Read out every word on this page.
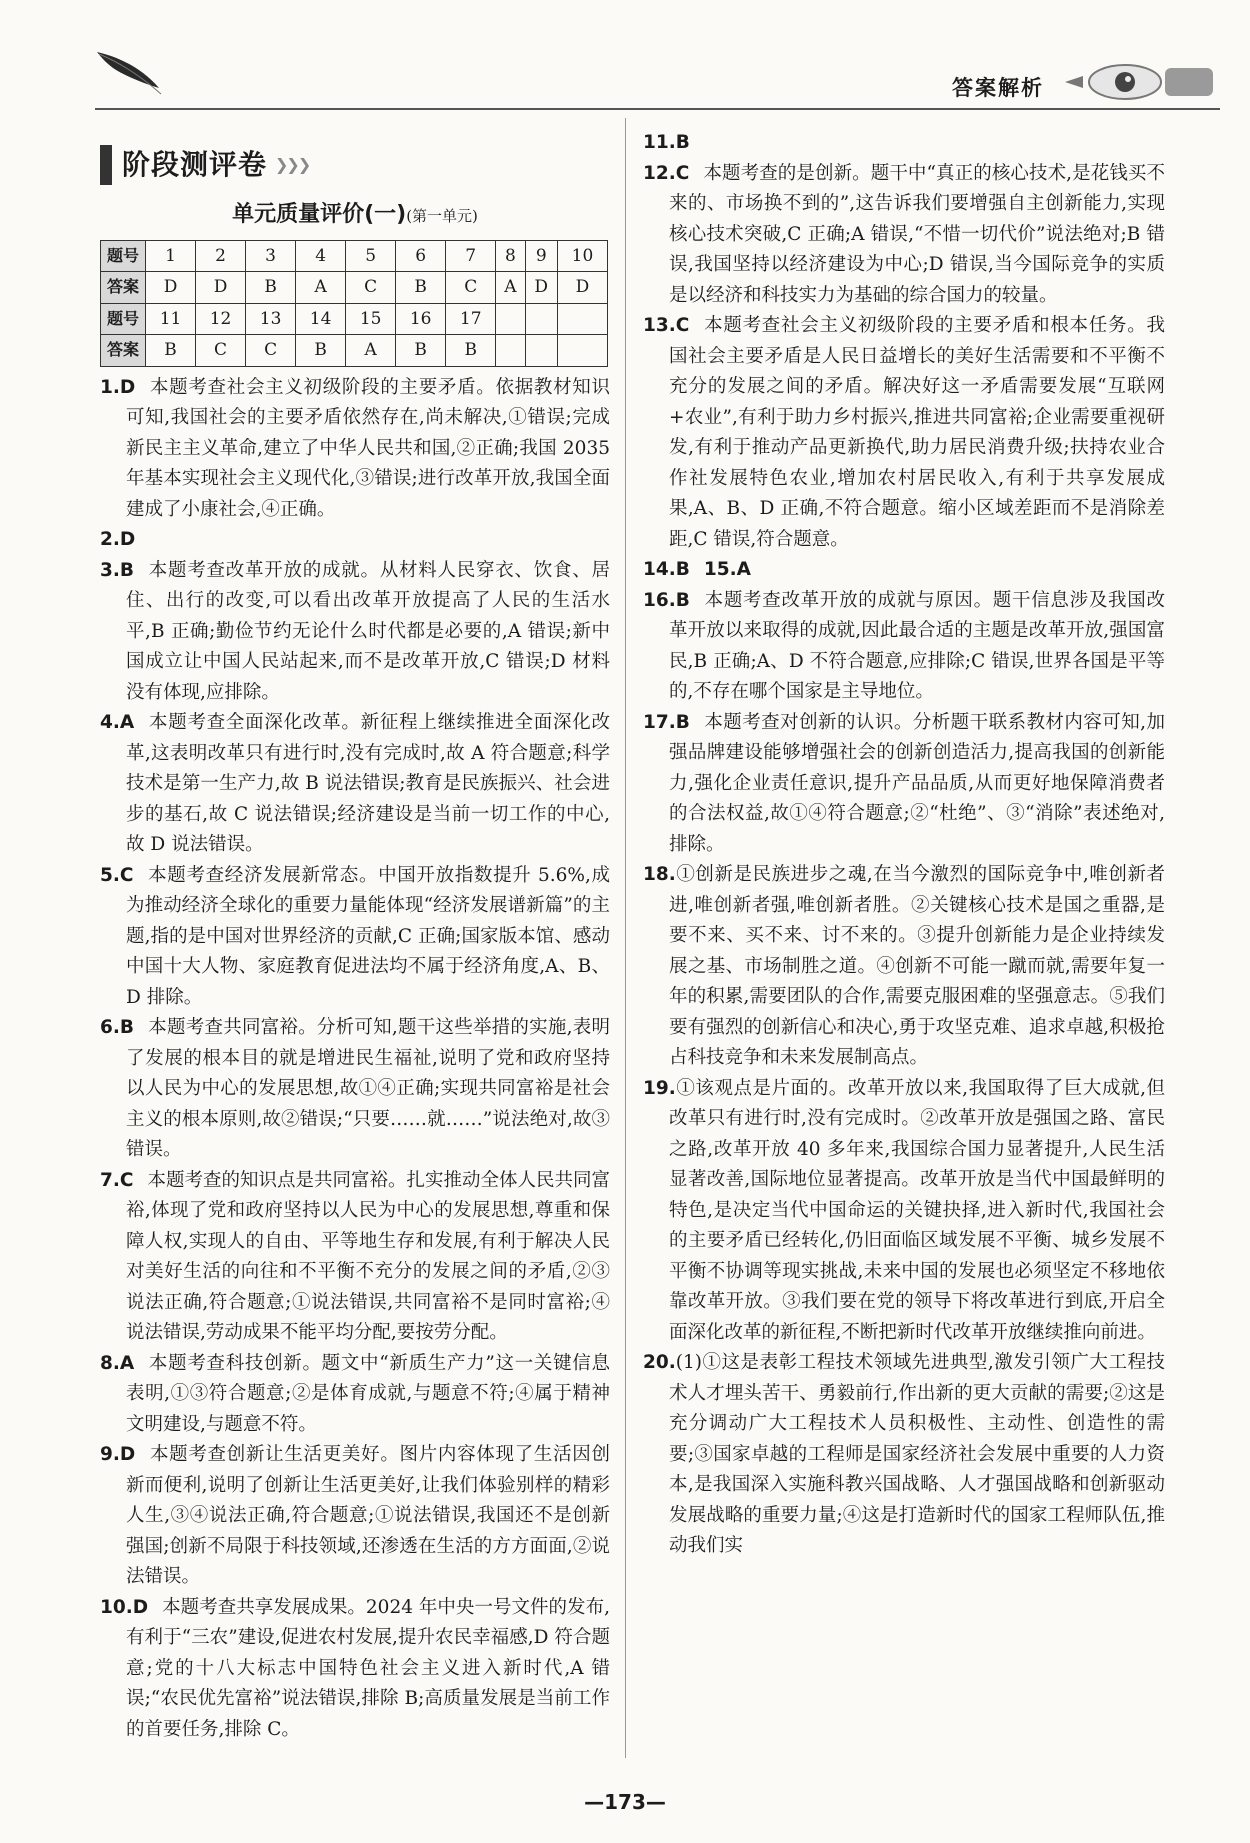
答案解析
阶段测评卷 ❯❯❯
单元质量评价(一)(第一单元)
题号	1	2	3	4	5	6	7	8	9	10
答案	D	D	B	A	C	B	C	A	D	D
题号	11	12	13	14	15	16	17			
答案	B	C	C	B	A	B	B			

1.D 本题考查社会主义初级阶段的主要矛盾。依据教材知识可知,我国社会的主要矛盾依然存在,尚未解决,①错误;完成新民主主义革命,建立了中华人民共和国,②正确;我国 2035 年基本实现社会主义现代化,③错误;进行改革开放,我国全面建成了小康社会,④正确。

2.D

3.B 本题考查改革开放的成就。从材料人民穿衣、饮食、居住、出行的改变,可以看出改革开放提高了人民的生活水平,B 正确;勤俭节约无论什么时代都是必要的,A 错误;新中国成立让中国人民站起来,而不是改革开放,C 错误;D 材料没有体现,应排除。

4.A 本题考查全面深化改革。新征程上继续推进全面深化改革,这表明改革只有进行时,没有完成时,故 A 符合题意;科学技术是第一生产力,故 B 说法错误;教育是民族振兴、社会进步的基石,故 C 说法错误;经济建设是当前一切工作的中心,故 D 说法错误。

5.C 本题考查经济发展新常态。中国开放指数提升 5.6%,成为推动经济全球化的重要力量能体现“经济发展谱新篇”的主题,指的是中国对世界经济的贡献,C 正确;国家版本馆、感动中国十大人物、家庭教育促进法均不属于经济角度,A、B、D 排除。

6.B 本题考查共同富裕。分析可知,题干这些举措的实施,表明了发展的根本目的就是增进民生福祉,说明了党和政府坚持以人民为中心的发展思想,故①④正确;实现共同富裕是社会主义的根本原则,故②错误;“只要……就……”说法绝对,故③错误。

7.C 本题考查的知识点是共同富裕。扎实推动全体人民共同富裕,体现了党和政府坚持以人民为中心的发展思想,尊重和保障人权,实现人的自由、平等地生存和发展,有利于解决人民对美好生活的向往和不平衡不充分的发展之间的矛盾,②③说法正确,符合题意;①说法错误,共同富裕不是同时富裕;④说法错误,劳动成果不能平均分配,要按劳分配。

8.A 本题考查科技创新。题文中“新质生产力”这一关键信息表明,①③符合题意;②是体育成就,与题意不符;④属于精神文明建设,与题意不符。

9.D 本题考查创新让生活更美好。图片内容体现了生活因创新而便利,说明了创新让生活更美好,让我们体验别样的精彩人生,③④说法正确,符合题意;①说法错误,我国还不是创新强国;创新不局限于科技领域,还渗透在生活的方方面面,②说法错误。

10.D 本题考查共享发展成果。2024 年中央一号文件的发布,有利于“三农”建设,促进农村发展,提升农民幸福感,D 符合题意;党的十八大标志中国特色社会主义进入新时代,A 错误;“农民优先富裕”说法错误,排除 B;高质量发展是当前工作的首要任务,排除 C。

11.B

12.C 本题考查的是创新。题干中“真正的核心技术,是花钱买不来的、市场换不到的”,这告诉我们要增强自主创新能力,实现核心技术突破,C 正确;A 错误,“不惜一切代价”说法绝对;B 错误,我国坚持以经济建设为中心;D 错误,当今国际竞争的实质是以经济和科技实力为基础的综合国力的较量。

13.C 本题考查社会主义初级阶段的主要矛盾和根本任务。我国社会主要矛盾是人民日益增长的美好生活需要和不平衡不充分的发展之间的矛盾。解决好这一矛盾需要发展“互联网+农业”,有利于助力乡村振兴,推进共同富裕;企业需要重视研发,有利于推动产品更新换代,助力居民消费升级;扶持农业合作社发展特色农业,增加农村居民收入,有利于共享发展成果,A、B、D 正确,不符合题意。缩小区域差距而不是消除差距,C 错误,符合题意。

14.B 15.A

16.B 本题考查改革开放的成就与原因。题干信息涉及我国改革开放以来取得的成就,因此最合适的主题是改革开放,强国富民,B 正确;A、D 不符合题意,应排除;C 错误,世界各国是平等的,不存在哪个国家是主导地位。

17.B 本题考查对创新的认识。分析题干联系教材内容可知,加强品牌建设能够增强社会的创新创造活力,提高我国的创新能力,强化企业责任意识,提升产品品质,从而更好地保障消费者的合法权益,故①④符合题意;②“杜绝”、③“消除”表述绝对,排除。

18.①创新是民族进步之魂,在当今激烈的国际竞争中,唯创新者进,唯创新者强,唯创新者胜。②关键核心技术是国之重器,是要不来、买不来、讨不来的。③提升创新能力是企业持续发展之基、市场制胜之道。④创新不可能一蹴而就,需要年复一年的积累,需要团队的合作,需要克服困难的坚强意志。⑤我们要有强烈的创新信心和决心,勇于攻坚克难、追求卓越,积极抢占科技竞争和未来发展制高点。

19.①该观点是片面的。改革开放以来,我国取得了巨大成就,但改革只有进行时,没有完成时。②改革开放是强国之路、富民之路,改革开放 40 多年来,我国综合国力显著提升,人民生活显著改善,国际地位显著提高。改革开放是当代中国最鲜明的特色,是决定当代中国命运的关键抉择,进入新时代,我国社会的主要矛盾已经转化,仍旧面临区域发展不平衡、城乡发展不平衡不协调等现实挑战,未来中国的发展也必须坚定不移地依靠改革开放。③我们要在党的领导下将改革进行到底,开启全面深化改革的新征程,不断把新时代改革开放继续推向前进。

20.(1)①这是表彰工程技术领域先进典型,激发引领广大工程技术人才埋头苦干、勇毅前行,作出新的更大贡献的需要;②这是充分调动广大工程技术人员积极性、主动性、创造性的需要;③国家卓越的工程师是国家经济社会发展中重要的人力资本,是我国深入实施科教兴国战略、人才强国战略和创新驱动发展战略的重要力量;④这是打造新时代的国家工程师队伍,推动我们实

—173—
